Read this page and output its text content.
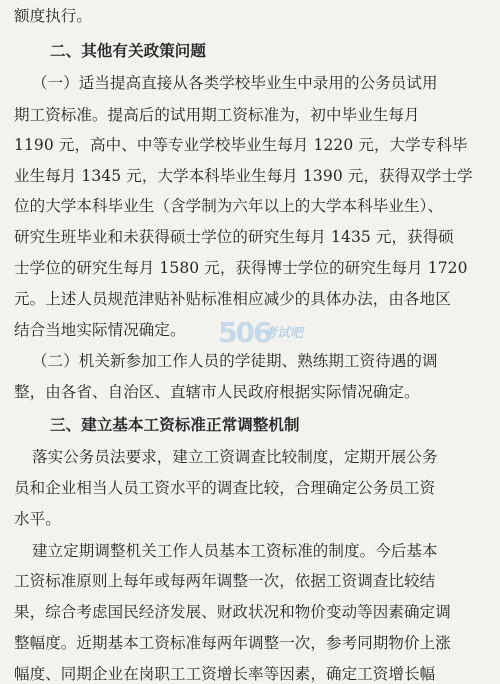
额度执行。
二、其他有关政策问题
（一）适当提高直接从各类学校毕业生中录用的公务员试用
期工资标准。提高后的试用期工资标准为，初中毕业生每月
1190 元，高中、中等专业学校毕业生每月 1220 元，大学专科毕
业生每月 1345 元，大学本科毕业生每月 1390 元，获得双学士学
位的大学本科毕业生（含学制为六年以上的大学本科毕业生）、
研究生班毕业和未获得硕士学位的研究生每月 1435 元，获得硕
士学位的研究生每月 1580 元，获得博士学位的研究生每月 1720
元。上述人员规范津贴补贴标准相应减少的具体办法，由各地区
结合当地实际情况确定。
（二）机关新参加工作人员的学徒期、熟练期工资待遇的调
整，由各省、自治区、直辖市人民政府根据实际情况确定。
三、建立基本工资标准正常调整机制
落实公务员法要求，建立工资调查比较制度，定期开展公务
员和企业相当人员工资水平的调查比较，合理确定公务员工资
水平。
建立定期调整机关工作人员基本工资标准的制度。今后基本
工资标准原则上每年或每两年调整一次，依据工资调查比较结
果，综合考虑国民经济发展、财政状况和物价变动等因素确定调
整幅度。近期基本工资标准每两年调整一次，参考同期物价上涨
幅度、同期企业在岗职工工资增长率等因素，确定工资增长幅
506
考试吧
